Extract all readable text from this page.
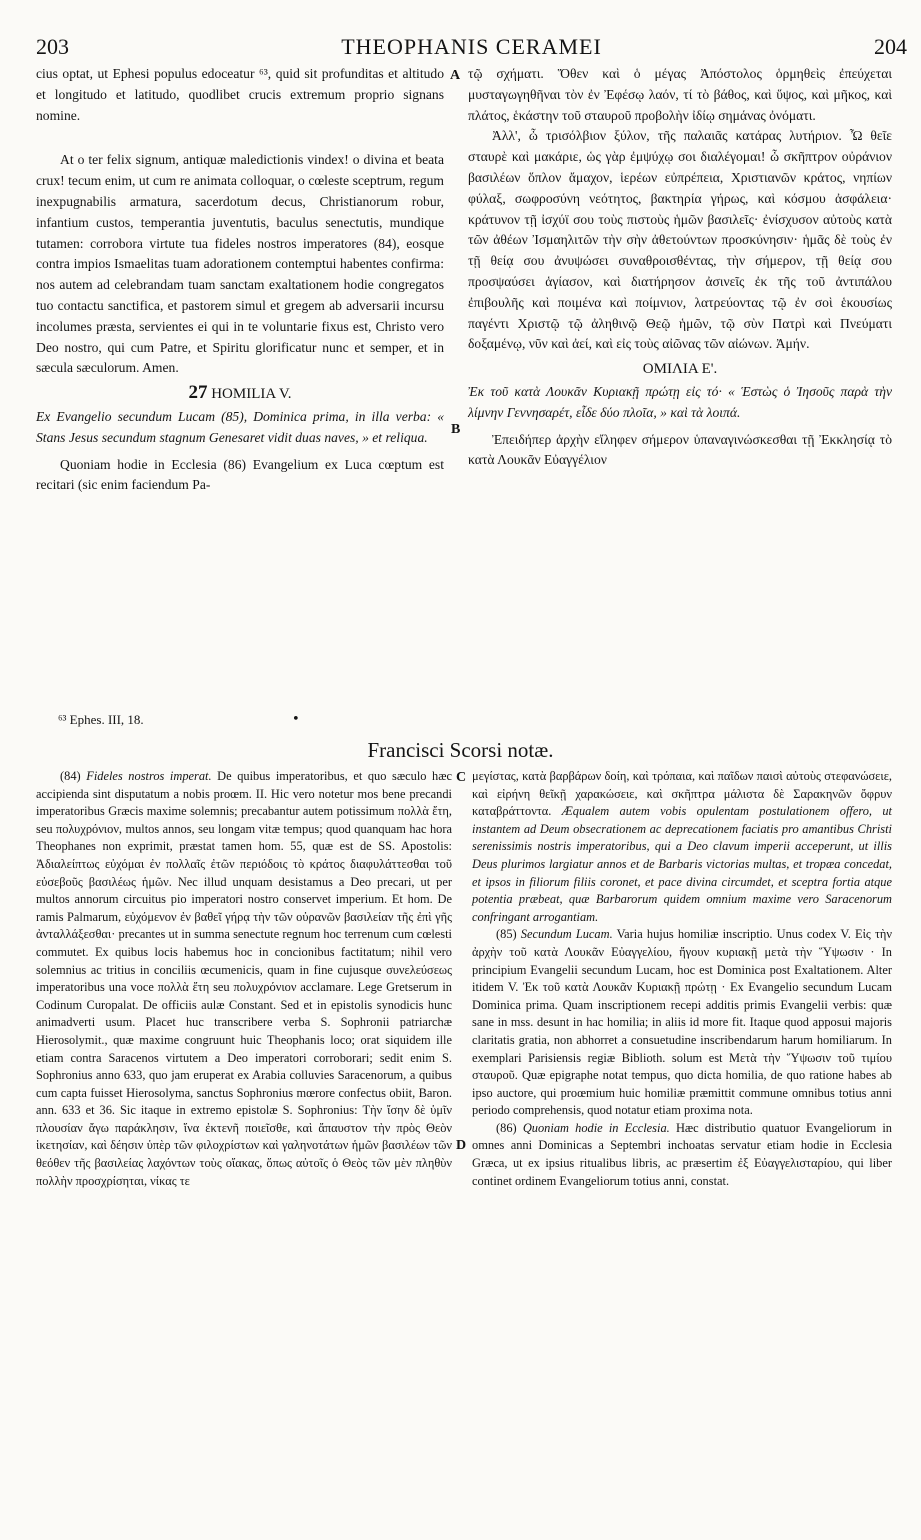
203	THEOPHANIS CERAMEI	204

cius optat, ut Ephesi populus edoceatur ⁶³, quid sit profunditas et altitudo et longitudo et latitudo, quodlibet crucis extremum proprio signans nomine.

At o ter felix signum, antiquæ maledictionis vindex! o divina et beata crux! tecum enim, ut cum re animata colloquar, o cœleste sceptrum, regum inexpugnabilis armatura, sacerdotum decus, Christianorum robur, infantium custos, temperantia juventutis, baculus senectutis, mundique tutamen: corrobora virtute tua fideles nostros imperatores (84), eosque contra impios Ismaelitas tuam adorationem contemptui habentes confirma: nos autem ad celebrandam tuam sanctam exaltationem hodie congregatos tuo contactu sanctifica, et pastorem simul et gregem ab adversarii incursu incolumes præsta, servientes ei qui in te voluntarie fixus est, Christo vero Deo nostro, qui cum Patre, et Spiritu glorificatur nunc et semper, et in sæcula sæculorum. Amen.

27 HOMILIA V.

Ex Evangelio secundum Lucam (85), Dominica prima, in illa verba: « Stans Jesus secundum stagnum Genesaret vidit duas naves, » et reliqua.

Quoniam hodie in Ecclesia (86) Evangelium ex Luca cœptum est recitari (sic enim faciendum Pa-

A
B

τῷ σχήματι. Ὅθεν καὶ ὁ μέγας Ἀπόστολος ὁρμηθεὶς ἐπεύχεται μυσταγωγηθῆναι τὸν ἐν Ἐφέσῳ λαόν, τί τὸ βάθος, καὶ ὕψος, καὶ μῆκος, καὶ πλάτος, ἑκάστην τοῦ σταυροῦ προβολὴν ἰδίῳ σημάνας ὀνόματι.

Ἀλλ', ὦ τρισόλβιον ξύλον, τῆς παλαιᾶς κατάρας λυτήριον. Ὦ θεῖε σταυρὲ καὶ μακάριε, ὡς γὰρ ἐμψύχῳ σοι διαλέγομαι! ὦ σκῆπτρον οὐράνιον βασιλέων ὅπλον ἄμαχον, ἱερέων εὐπρέπεια, Χριστιανῶν κράτος, νηπίων φύλαξ, σωφροσύνη νεότητος, βακτηρία γήρως, καὶ κόσμου ἀσφάλεια· κράτυνον τῇ ἰσχύϊ σου τοὺς πιστοὺς ἡμῶν βασιλεῖς· ἐνίσχυσον αὐτοὺς κατὰ τῶν ἀθέων Ἰσμαηλιτῶν τὴν σὴν ἀθετούντων προσκύνησιν· ἡμᾶς δὲ τοὺς ἐν τῇ θείᾳ σου ἀνυψώσει συναθροισθέντας, τὴν σήμερον, τῇ θείᾳ σου προσψαύσει ἁγίασον, καὶ διατήρησον ἀσινεῖς ἐκ τῆς τοῦ ἀντιπάλου ἐπιβουλῆς καὶ ποιμένα καὶ ποίμνιον, λατρεύοντας τῷ ἐν σοὶ ἑκουσίως παγέντι Χριστῷ τῷ ἀληθινῷ Θεῷ ἡμῶν, τῷ σὺν Πατρὶ καὶ Πνεύματι δοξαμένῳ, νῦν καὶ ἀεί, καὶ εἰς τοὺς αἰῶνας τῶν αἰώνων. Ἀμήν.

ΟΜΙΛΙΑ Ε'.

Ἐκ τοῦ κατὰ Λουκᾶν Κυριακῇ πρώτῃ εἰς τό· « Ἑστὼς ὁ Ἰησοῦς παρὰ τὴν λίμνην Γεννησαρέτ, εἶδε δύο πλοῖα, » καὶ τὰ λοιπά.

Ἐπειδήπερ ἀρχὴν εἴληφεν σήμερον ὑπαναγινώσκεσθαι τῇ Ἐκκλησίᾳ τὸ κατὰ Λουκᾶν Εὐαγγέλιον

⁶³ Ephes. III, 18.	•
Francisci Scorsi notæ.

(84) Fideles nostros imperat. De quibus imperatoribus, et quo sæculo hæc accipienda sint disputatum a nobis proœm. II. Hic vero notetur mos bene precandi imperatoribus Græcis maxime solemnis; precabantur autem potissimum πολλὰ ἔτη, seu πολυχρόνιον, multos annos, seu longam vitæ tempus; quod quanquam hac hora Theophanes non exprimit, præstat tamen hom. 55, quæ est de SS. Apostolis: Ἀδιαλείπτως εὐχόμαι ἐν πολλαῖς ἐτῶν περιόδοις τὸ κράτος διαφυλάττεσθαι τοῦ εὐσεβοῦς βασιλέως ἡμῶν. Nec illud unquam desistamus a Deo precari, ut per multos annorum circuitus pio imperatori nostro conservet imperium. Et hom. De ramis Palmarum, εὐχόμενον ἐν βαθεῖ γήρᾳ τὴν τῶν οὐρανῶν βασιλείαν τῆς ἐπὶ γῆς ἀνταλλάξεσθαι· precantes ut in summa senectute regnum hoc terrenum cum cœlesti commutet. Ex quibus locis habemus hoc in concionibus factitatum; nihil vero solemnius ac tritius in conciliis œcumenicis, quam in fine cujusque συνελεύσεως imperatoribus una voce πολλὰ ἔτη seu πολυχρόνιον acclamare. Lege Gretserum in Codinum Curopalat. De officiis aulæ Constant. Sed et in epistolis synodicis hunc animadverti usum. Placet huc transcribere verba S. Sophronii patriarchæ Hierosolymit., quæ maxime congruunt huic Theophanis loco; orat siquidem ille etiam contra Saracenos virtutem a Deo imperatori corroborari; sedit enim S. Sophronius anno 633, quo jam eruperat ex Arabia colluvies Saracenorum, a quibus cum capta fuisset Hierosolyma, sanctus Sophronius mœrore confectus obiit, Baron. ann. 633 et 36. Sic itaque in extremo epistolæ S. Sophronius: Τὴν ἴσην δὲ ὑμῖν πλουσίαν ἄγω παράκλησιν, ἵνα ἐκτενῆ ποιεῖσθε, καὶ ἄπαυστον τὴν πρὸς Θεὸν ἱκετησίαν, καὶ δέησιν ὑπὲρ τῶν φιλοχρίστων καὶ γαληνοτάτων ἡμῶν βασιλέων τῶν θεόθεν τῆς βασιλείας λαχόντων τοὺς οἴακας, ὅπως αὐτοῖς ὁ Θεὸς τῶν μὲν πληθὺν πολλὴν προσχρίσηται, νίκας τε

C
D

μεγίστας, κατὰ βαρβάρων δοίη, καὶ τρόπαια, καὶ παῖδων παισὶ αὐτοὺς στεφανώσειε, καὶ εἰρήνη θεῖκῇ χαρακώσειε, καὶ σκῆπτρα μάλιστα δὲ Σαρακηνῶν ὄφρυν καταβράττοντα. Æqualem autem vobis opulentam postulationem offero, ut instantem ad Deum obsecrationem ac deprecationem faciatis pro amantibus Christi serenissimis nostris imperatoribus, qui a Deo clavum imperii acceperunt, ut illis Deus plurimos largiatur annos et de Barbaris victorias multas, et tropæa concedat, et ipsos in filiorum filiis coronet, et pace divina circumdet, et sceptra fortia atque potentia præbeat, quæ Barbarorum quidem omnium maxime vero Saracenorum confringant arrogantiam.

(85) Secundum Lucam. Varia hujus homiliæ inscriptio. Unus codex V. Εἰς τὴν ἀρχὴν τοῦ κατὰ Λουκᾶν Εὐαγγελίου, ἤγουν κυριακῇ μετὰ τὴν Ὕψωσιν · In principium Evangelii secundum Lucam, hoc est Dominica post Exaltationem. Alter itidem V. Ἐκ τοῦ κατὰ Λουκᾶν Κυριακῇ πρώτῃ · Ex Evangelio secundum Lucam Dominica prima. Quam inscriptionem recepi additis primis Evangelii verbis: quæ sane in mss. desunt in hac homilia; in aliis id more fit. Itaque quod apposui majoris claritatis gratia, non abhorret a consuetudine inscribendarum harum homiliarum. In exemplari Parisiensis regiæ Biblioth. solum est Μετὰ τὴν Ὕψωσιν τοῦ τιμίου σταυροῦ. Quæ epigraphe notat tempus, quo dicta homilia, de quo ratione habes ab ipso auctore, qui proœmium huic homiliæ præmittit commune omnibus totius anni periodo comprehensis, quod notatur etiam proxima nota.

(86) Quoniam hodie in Ecclesia. Hæc distributio quatuor Evangeliorum in omnes anni Dominicas a Septembri inchoatas servatur etiam hodie in Ecclesia Græca, ut ex ipsius ritualibus libris, ac præsertim ἐξ Εὐαγγελισταρίου, qui liber continet ordinem Evangeliorum totius anni, constat.
